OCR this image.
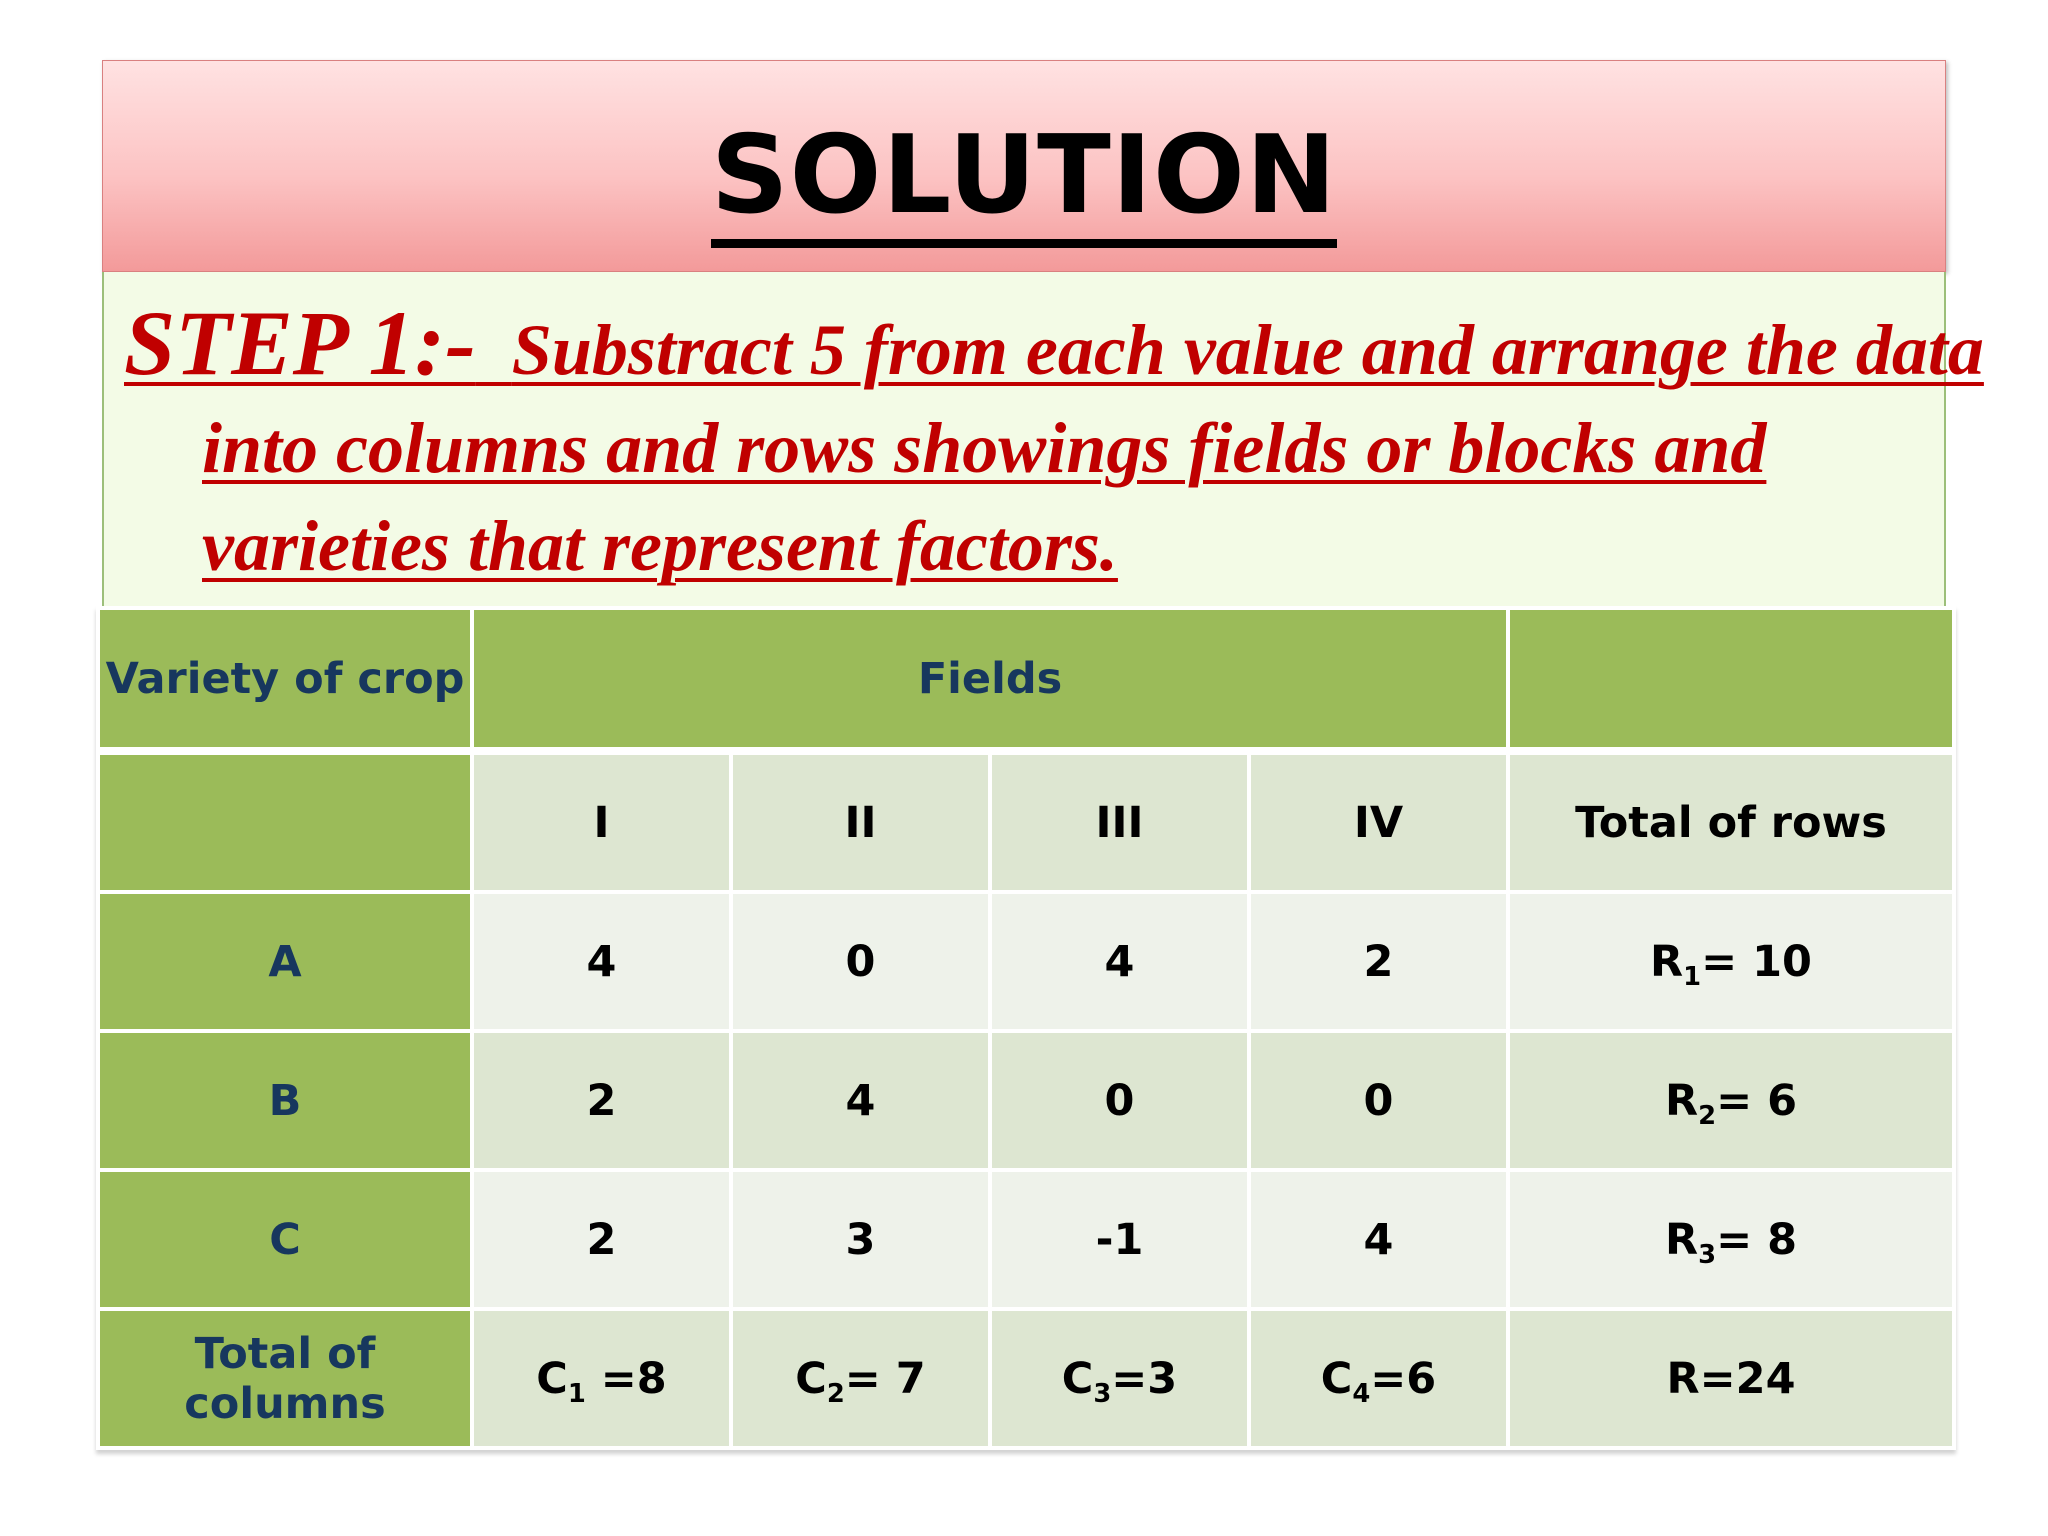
SOLUTION
STEP 1:- Substract 5 from each value and arrange the data into columns and rows showings fields or blocks and varieties that represent factors.
Variety of crop	Fields				
	I	II	III	IV	Total of rows
A	4	0	4	2	$R_1= 10$
B	2	4	0	0	$R_2= 6$
C	2	3	-1	4	$R_3= 8$
Total of columns	$C_1 =8$	$C_2= 7$	$C_3=3$	$C_4=6$	R=24
